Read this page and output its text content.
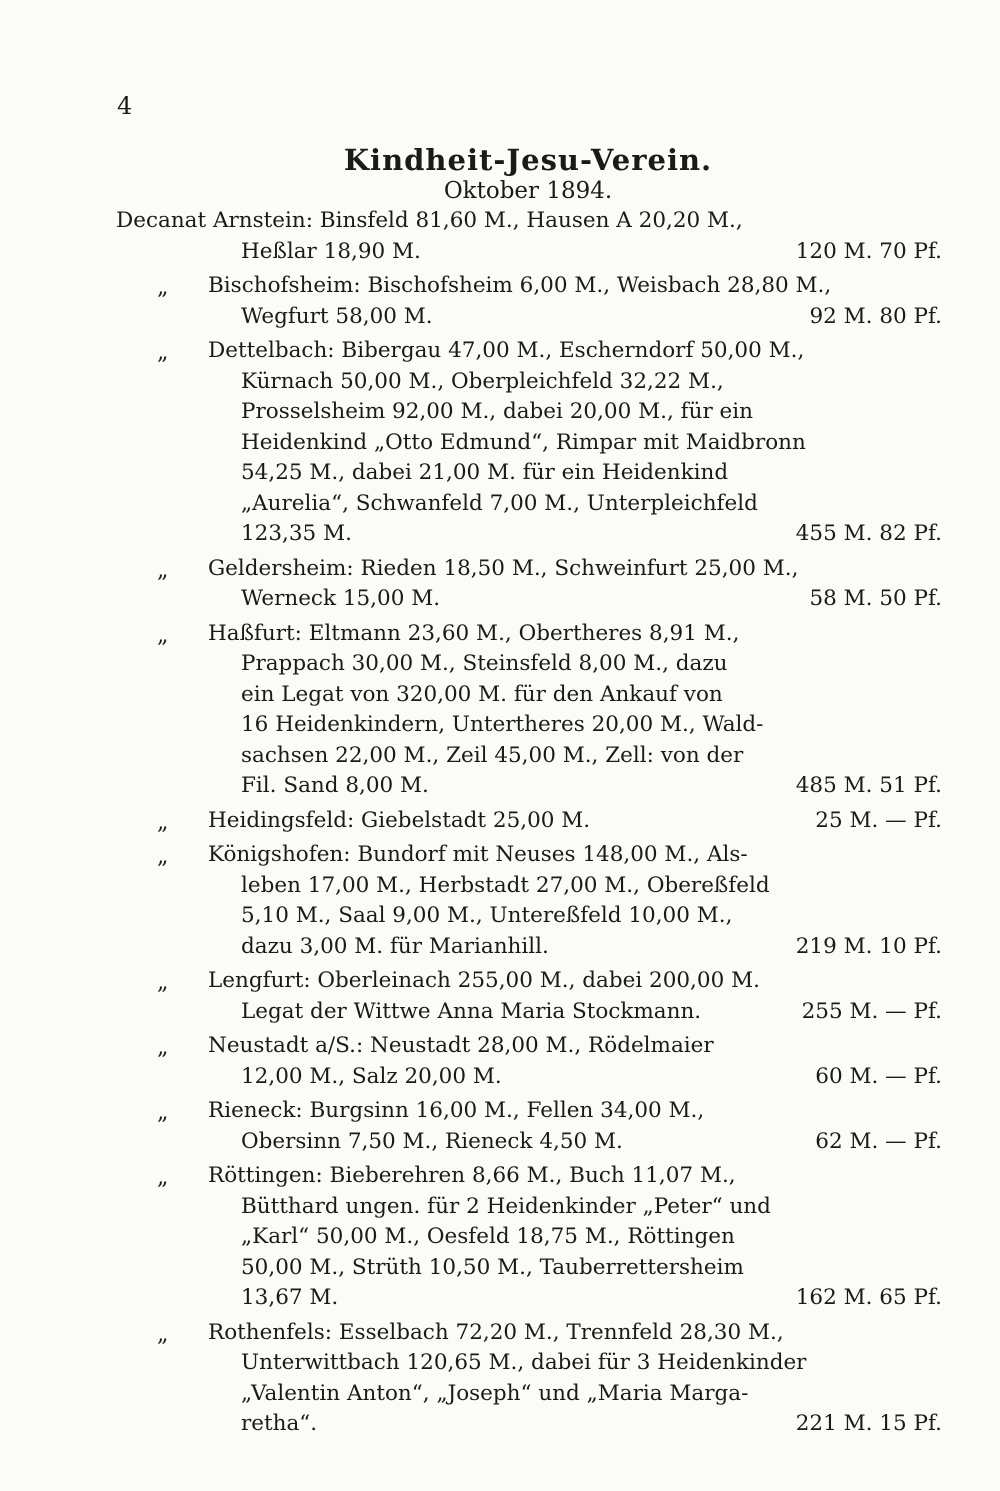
4
Kindheit-Jesu-Verein.
Oktober 1894.
Decanat Arnstein: Binsfeld 81,60 M., Hausen A 20,20 M.,
Heßlar 18,90 M.	120 M. 70 Pf.
„ Bischofsheim: Bischofsheim 6,00 M., Weisbach 28,80 M.,
Wegfurt 58,00 M.	92 M. 80 Pf.
„ Dettelbach: Bibergau 47,00 M., Escherndorf 50,00 M.,
Kürnach 50,00 M., Oberpleichfeld 32,22 M.,
Prosselsheim 92,00 M., dabei 20,00 M., für ein
Heidenkind „Otto Edmund“, Rimpar mit Maidbronn
54,25 M., dabei 21,00 M. für ein Heidenkind
„Aurelia“, Schwanfeld 7,00 M., Unterpleichfeld
123,35 M.	455 M. 82 Pf.
„ Geldersheim: Rieden 18,50 M., Schweinfurt 25,00 M.,
Werneck 15,00 M.	58 M. 50 Pf.
„ Haßfurt: Eltmann 23,60 M., Obertheres 8,91 M.,
Prappach 30,00 M., Steinsfeld 8,00 M., dazu
ein Legat von 320,00 M. für den Ankauf von
16 Heidenkindern, Untertheres 20,00 M., Wald-
sachsen 22,00 M., Zeil 45,00 M., Zell: von der
Fil. Sand 8,00 M.	485 M. 51 Pf.
„ Heidingsfeld: Giebelstadt 25,00 M.	25 M. — Pf.
„ Königshofen: Bundorf mit Neuses 148,00 M., Als-
leben 17,00 M., Herbstadt 27,00 M., Obereßfeld
5,10 M., Saal 9,00 M., Untereßfeld 10,00 M.,
dazu 3,00 M. für Marianhill.	219 M. 10 Pf.
„ Lengfurt: Oberleinach 255,00 M., dabei 200,00 M.
Legat der Wittwe Anna Maria Stockmann.	255 M. — Pf.
„ Neustadt a/S.: Neustadt 28,00 M., Rödelmaier
12,00 M., Salz 20,00 M.	60 M. — Pf.
„ Rieneck: Burgsinn 16,00 M., Fellen 34,00 M.,
Obersinn 7,50 M., Rieneck 4,50 M.	62 M. — Pf.
„ Röttingen: Bieberehren 8,66 M., Buch 11,07 M.,
Bütthard ungen. für 2 Heidenkinder „Peter“ und
„Karl“ 50,00 M., Oesfeld 18,75 M., Röttingen
50,00 M., Strüth 10,50 M., Tauberrettersheim
13,67 M.	162 M. 65 Pf.
„ Rothenfels: Esselbach 72,20 M., Trennfeld 28,30 M.,
Unterwittbach 120,65 M., dabei für 3 Heidenkinder
„Valentin Anton“, „Joseph“ und „Maria Marga-
retha“.	221 M. 15 Pf.
